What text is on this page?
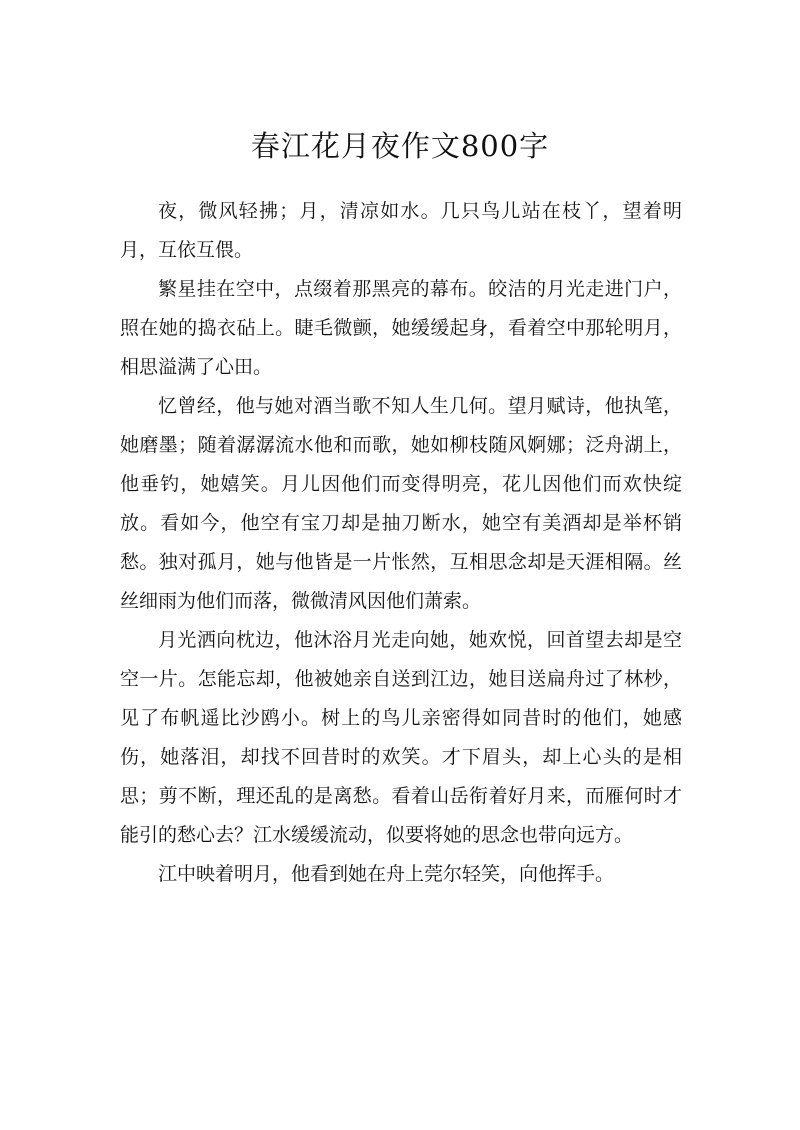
春江花月夜作文800字

夜，微风轻拂；月，清凉如水。几只鸟儿站在枝丫，望着明月，互依互偎。

繁星挂在空中，点缀着那黑亮的幕布。皎洁的月光走进门户，照在她的捣衣砧上。睫毛微颤，她缓缓起身，看着空中那轮明月，相思溢满了心田。

忆曾经，他与她对酒当歌不知人生几何。望月赋诗，他执笔，她磨墨；随着潺潺流水他和而歌，她如柳枝随风婀娜；泛舟湖上，他垂钓，她嬉笑。月儿因他们而变得明亮，花儿因他们而欢快绽放。看如今，他空有宝刀却是抽刀断水，她空有美酒却是举杯销愁。独对孤月，她与他皆是一片怅然，互相思念却是天涯相隔。丝丝细雨为他们而落，微微清风因他们萧索。

月光洒向枕边，他沐浴月光走向她，她欢悦，回首望去却是空空一片。怎能忘却，他被她亲自送到江边，她目送扁舟过了林杪，见了布帆遥比沙鸥小。树上的鸟儿亲密得如同昔时的他们，她感伤，她落泪，却找不回昔时的欢笑。才下眉头，却上心头的是相思；剪不断，理还乱的是离愁。看着山岳衔着好月来，而雁何时才能引的愁心去？江水缓缓流动，似要将她的思念也带向远方。

江中映着明月，他看到她在舟上莞尔轻笑，向他挥手。
